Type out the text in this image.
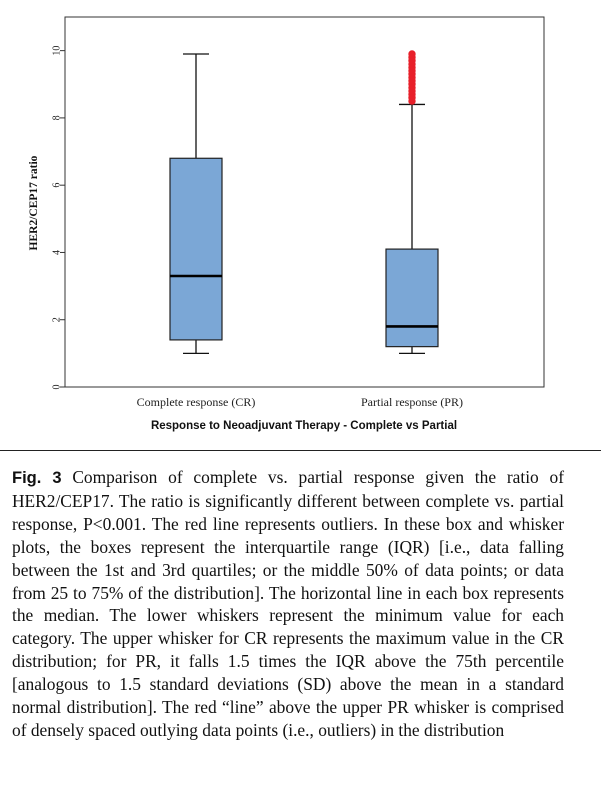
0
2
4
6
8
10
Complete response (CR)	Partial response (PR)
Response to Neoadjuvant Therapy - Complete vs Partial
HER2/CEP17 ratio
Fig. 3 Comparison of complete vs. partial response given the ratio of HER2/CEP17. The ratio is significantly different between complete vs. partial response, P<0.001. The red line represents outliers. In these box and whisker plots, the boxes represent the interquartile range (IQR) [i.e., data falling between the 1st and 3rd quartiles; or the middle 50% of data points; or data from 25 to 75% of the distribution]. The horizontal line in each box represents the median. The lower whiskers represent the minimum value for each category. The upper whisker for CR represents the maximum value in the CR distribution; for PR, it falls 1.5 times the IQR above the 75th percentile [analogous to 1.5 standard deviations (SD) above the mean in a standard normal distribution]. The red “line” above the upper PR whisker is comprised of densely spaced outlying data points (i.e., outliers) in the distribution
